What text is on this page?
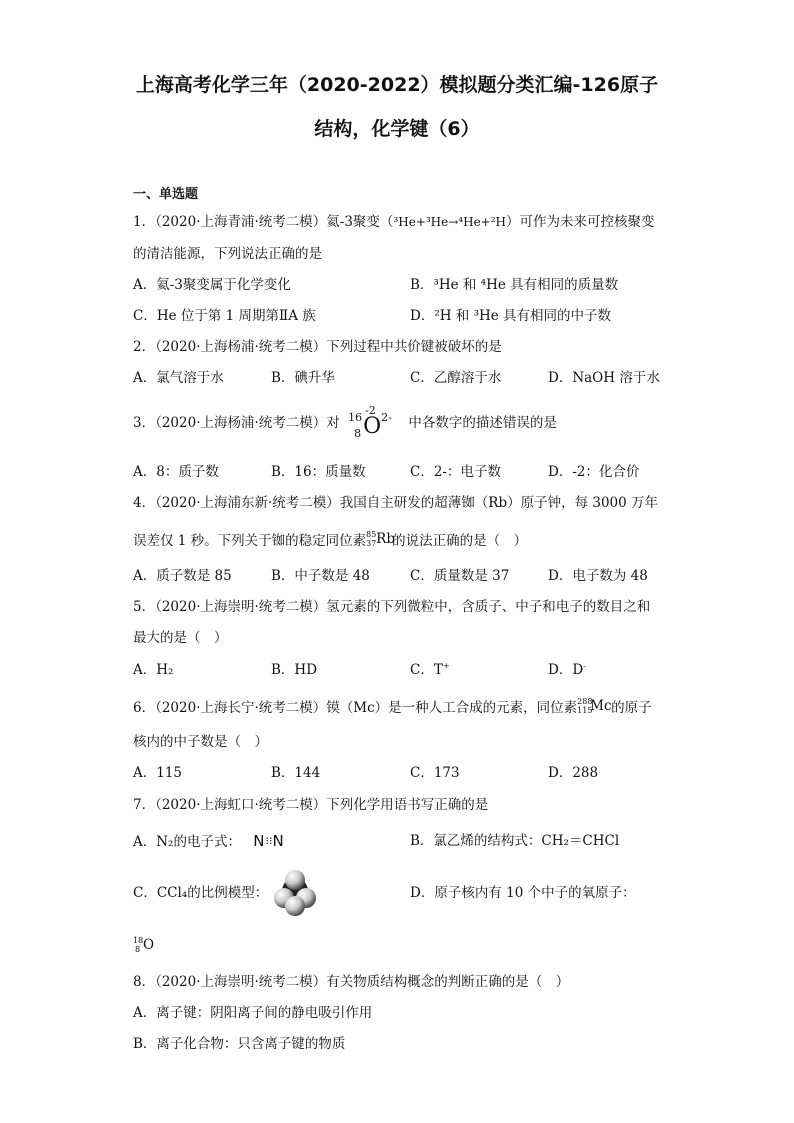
上海高考化学三年（2020-2022）模拟题分类汇编-126原子
结构，化学键（6）
一、单选题
1．（2020·上海青浦·统考二模）氦-3聚变（³He+³He→⁴He+²H）可作为未来可控核聚变
的清洁能源，下列说法正确的是
A．氦-3聚变属于化学变化	B．³He 和 ⁴He 具有相同的质量数
C．He 位于第 1 周期第ⅡA 族	D．²H 和 ³He 具有相同的中子数
2．（2020·上海杨浦·统考二模）下列过程中共价键被破坏的是
A．氯气溶于水	B．碘升华	C．乙醇溶于水	D．NaOH 溶于水
3．（2020·上海杨浦·统考二模）对 16
8
-2
O 2- 中各数字的描述错误的是
A．8：质子数	B．16：质量数	C．2-：电子数	D．-2：化合价
4．（2020·上海浦东新·统考二模）我国自主研发的超薄铷（Rb）原子钟，每 3000 万年
误差仅 1 秒。下列关于铷的稳定同位素 85
37 Rb
的说法正确的是（　）
A．质子数是 85	B．中子数是 48	C．质量数是 37	D．电子数为 48
5．（2020·上海崇明·统考二模）氢元素的下列微粒中，含质子、中子和电子的数目之和
最大的是（　）
A．H₂	B．HD	C．T+	D．D-
6．（2020·上海长宁·统考二模）镆（Mc）是一种人工合成的元素，同位素 288
115
Mc 的原子
核内的中子数是（　）
A．115	B．144	C．173	D．288
7．（2020·上海虹口·统考二模）下列化学用语书写正确的是
A．N₂的电子式： N⁝⁝N	B．氯乙烯的结构式：CH₂＝CHCl
C．CCl₄的比例模型：	D．原子核内有 10 个中子的氧原子：
18
8 O
8．（2020·上海崇明·统考二模）有关物质结构概念的判断正确的是（　）
A．离子键：阴阳离子间的静电吸引作用
B．离子化合物：只含离子键的物质
